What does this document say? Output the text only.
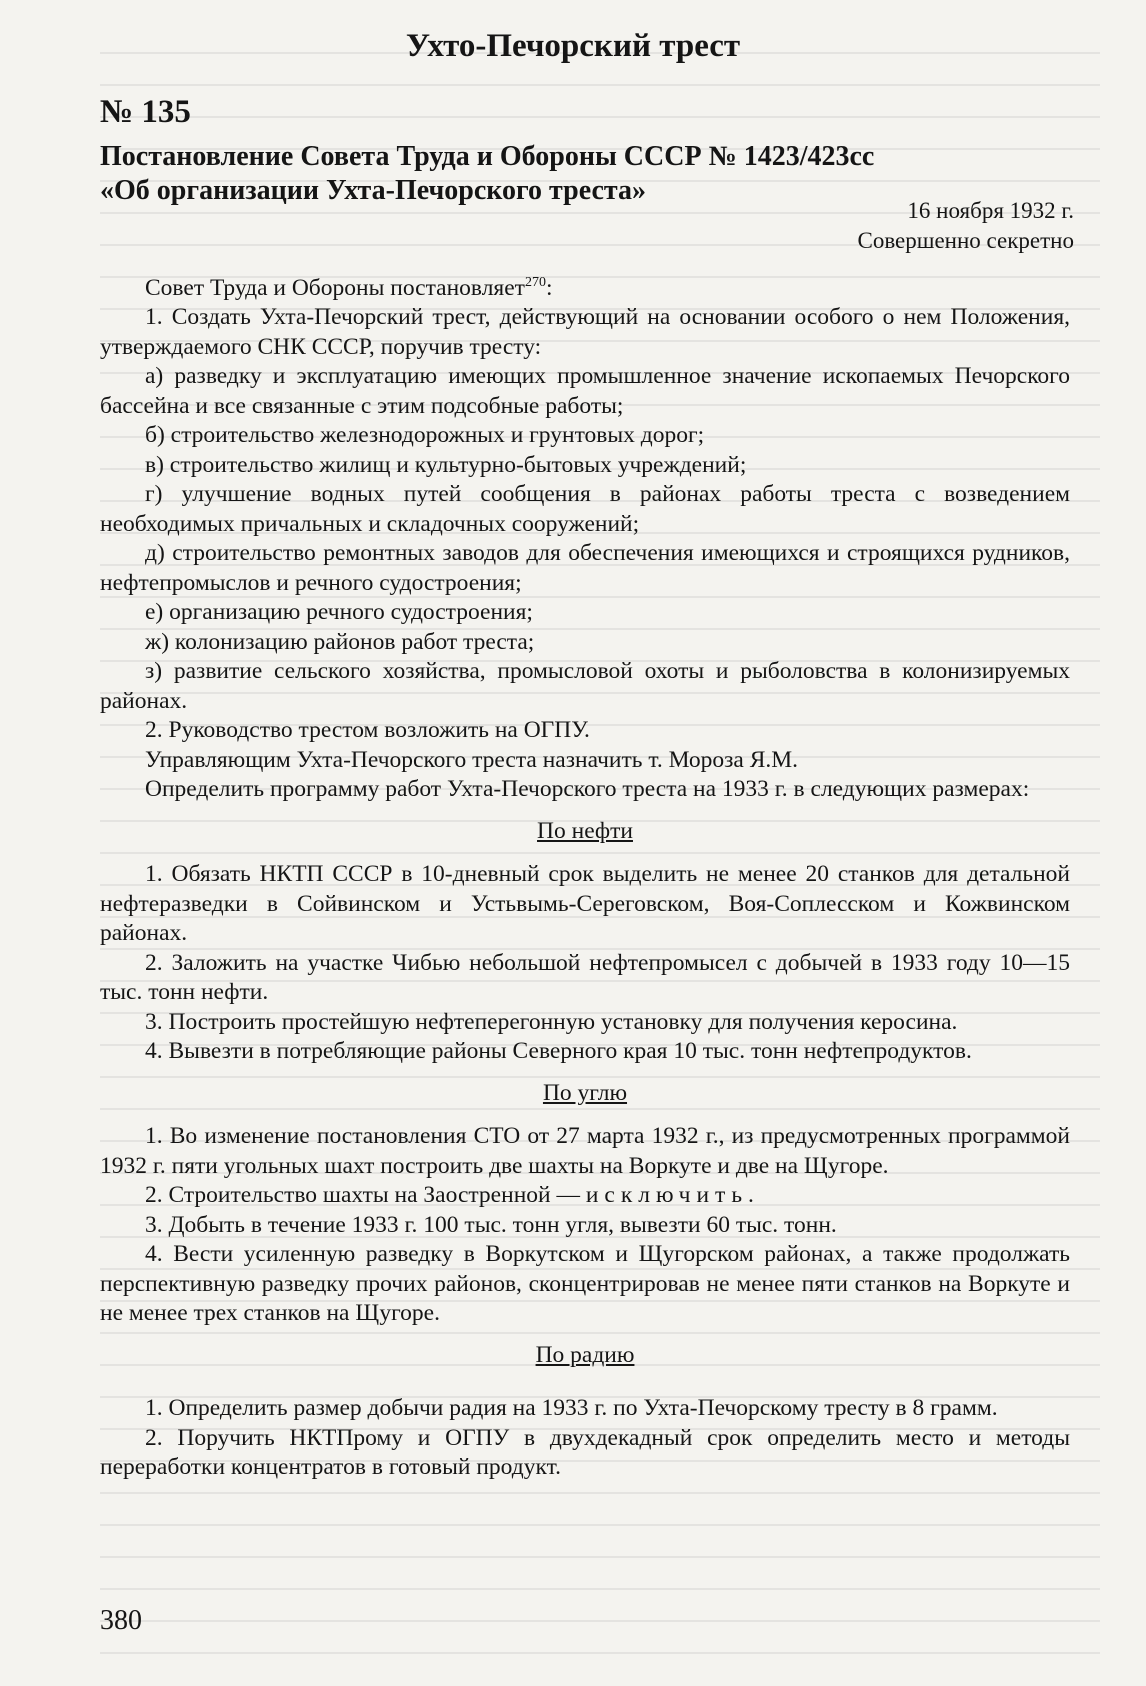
Ухто-Печорский трест
№ 135
Постановление Совета Труда и Обороны СССР № 1423/423сс
«Об организации Ухта-Печорского треста»
16 ноября 1932 г.
Совершенно секретно

Совет Труда и Обороны постановляет$^{270}$:

1. Создать Ухта-Печорский трест, действующий на основании особого о нем Положения, утверждаемого СНК СССР, поручив тресту:

а) разведку и эксплуатацию имеющих промышленное значение ископаемых Печорского бассейна и все связанные с этим подсобные работы;

б) строительство железнодорожных и грунтовых дорог;

в) строительство жилищ и культурно-бытовых учреждений;

г) улучшение водных путей сообщения в районах работы треста с возведением необходимых причальных и складочных сооружений;

д) строительство ремонтных заводов для обеспечения имеющихся и строящихся рудников, нефтепромыслов и речного судостроения;

е) организацию речного судостроения;

ж) колонизацию районов работ треста;

з) развитие сельского хозяйства, промысловой охоты и рыболовства в колонизируемых районах.

2. Руководство трестом возложить на ОГПУ.

Управляющим Ухта-Печорского треста назначить т. Мороза Я.М.

Определить программу работ Ухта-Печорского треста на 1933 г. в следующих размерах:

По нефти

1. Обязать НКТП СССР в 10-дневный срок выделить не менее 20 станков для детальной нефтеразведки в Сойвинском и Устьвымь-Сереговском, Воя-Соплесском и Кожвинском районах.

2. Заложить на участке Чибью небольшой нефтепромысел с добычей в 1933 году 10—15 тыс. тонн нефти.

3. Построить простейшую нефтеперегонную установку для получения керосина.

4. Вывезти в потребляющие районы Северного края 10 тыс. тонн нефтепродуктов.

По углю

1. Во изменение постановления СТО от 27 марта 1932 г., из предусмотренных программой 1932 г. пяти угольных шахт построить две шахты на Воркуте и две на Щугоре.

2. Строительство шахты на Заостренной — исключить.

3. Добыть в течение 1933 г. 100 тыс. тонн угля, вывезти 60 тыс. тонн.

4. Вести усиленную разведку в Воркутском и Щугорском районах, а также продолжать перспективную разведку прочих районов, сконцентрировав не менее пяти станков на Воркуте и не менее трех станков на Щугоре.

По радию

1. Определить размер добычи радия на 1933 г. по Ухта-Печорскому тресту в 8 грамм.

2. Поручить НКТПрому и ОГПУ в двухдекадный срок определить место и методы переработки концентратов в готовый продукт.

380
